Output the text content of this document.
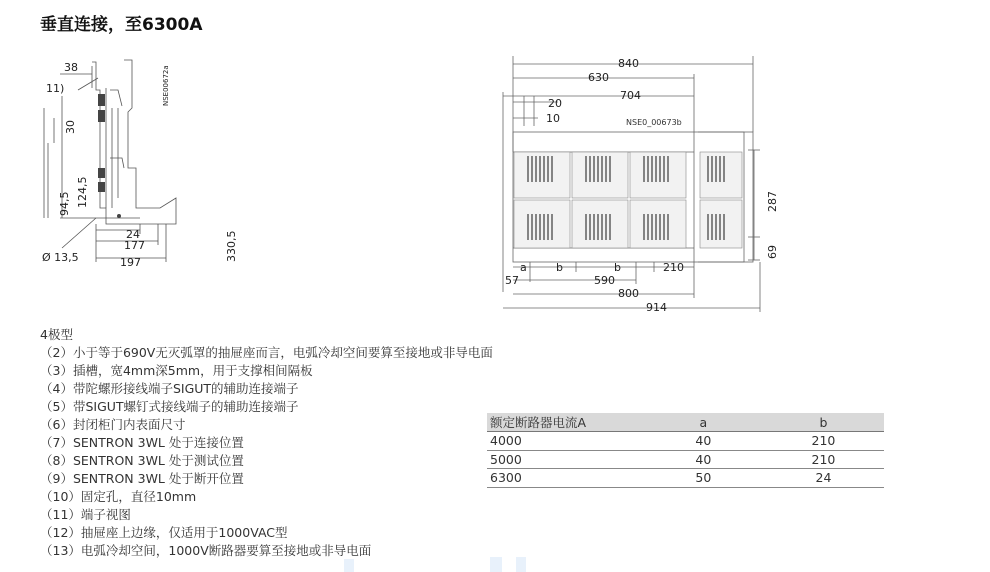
垂直连接，至6300A
38
11)
330,5
30
124,5
94,5
24
177
197
Ø 13,5
NSE00672a
840
630
704
20
10
287
69
a	b	b	210
57	590
800
914
NSE0_00673b
4极型
（2）小于等于690V无灭弧罩的抽屉座而言，电弧冷却空间要算至接地或非导电面
（3）插槽，宽4mm深5mm，用于支撑相间隔板
（4）带陀螺形接线端子SIGUT的辅助连接端子
（5）带SIGUT螺钉式接线端子的辅助连接端子
（6）封闭柜门内表面尺寸
（7）SENTRON 3WL 处于连接位置
（8）SENTRON 3WL 处于测试位置
（9）SENTRON 3WL 处于断开位置
（10）固定孔，直径10mm
（11）端子视图
（12）抽屉座上边缘，仅适用于1000VAC型
（13）电弧冷却空间，1000V断路器要算至接地或非导电面
额定断路器电流A	a	b
4000	40	210
5000	40	210
6300	50	24
